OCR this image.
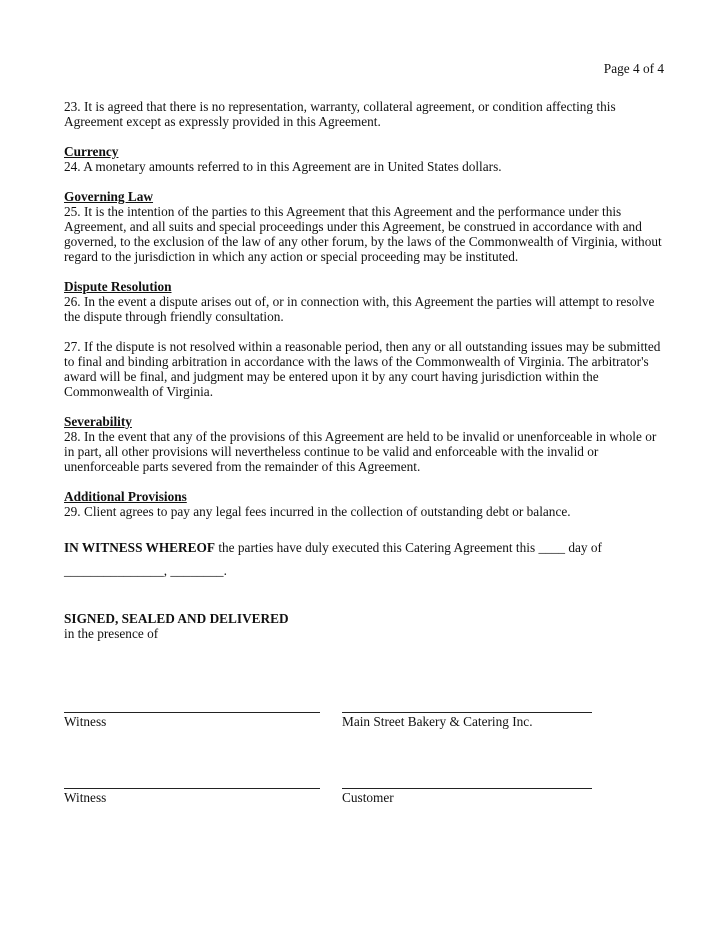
Page 4 of 4

23. It is agreed that there is no representation, warranty, collateral agreement, or condition affecting this Agreement except as expressly provided in this Agreement.

Currency

24. A monetary amounts referred to in this Agreement are in United States dollars.

Governing Law

25. It is the intention of the parties to this Agreement that this Agreement and the performance under this Agreement, and all suits and special proceedings under this Agreement, be construed in accordance with and governed, to the exclusion of the law of any other forum, by the laws of the Commonwealth of Virginia, without regard to the jurisdiction in which any action or special proceeding may be instituted.

Dispute Resolution

26. In the event a dispute arises out of, or in connection with, this Agreement the parties will attempt to resolve the dispute through friendly consultation.

27. If the dispute is not resolved within a reasonable period, then any or all outstanding issues may be submitted to final and binding arbitration in accordance with the laws of the Commonwealth of Virginia. The arbitrator's award will be final, and judgment may be entered upon it by any court having jurisdiction within the Commonwealth of Virginia.

Severability

28. In the event that any of the provisions of this Agreement are held to be invalid or unenforceable in whole or in part, all other provisions will nevertheless continue to be valid and enforceable with the invalid or unenforceable parts severed from the remainder of this Agreement.

Additional Provisions

29. Client agrees to pay any legal fees incurred in the collection of outstanding debt or balance.

IN WITNESS WHEREOF the parties have duly executed this Catering Agreement this ____ day of

_______________, ________.

SIGNED, SEALED AND DELIVERED
in the presence of
Witness	Main Street Bakery & Catering Inc.
Witness	Customer
